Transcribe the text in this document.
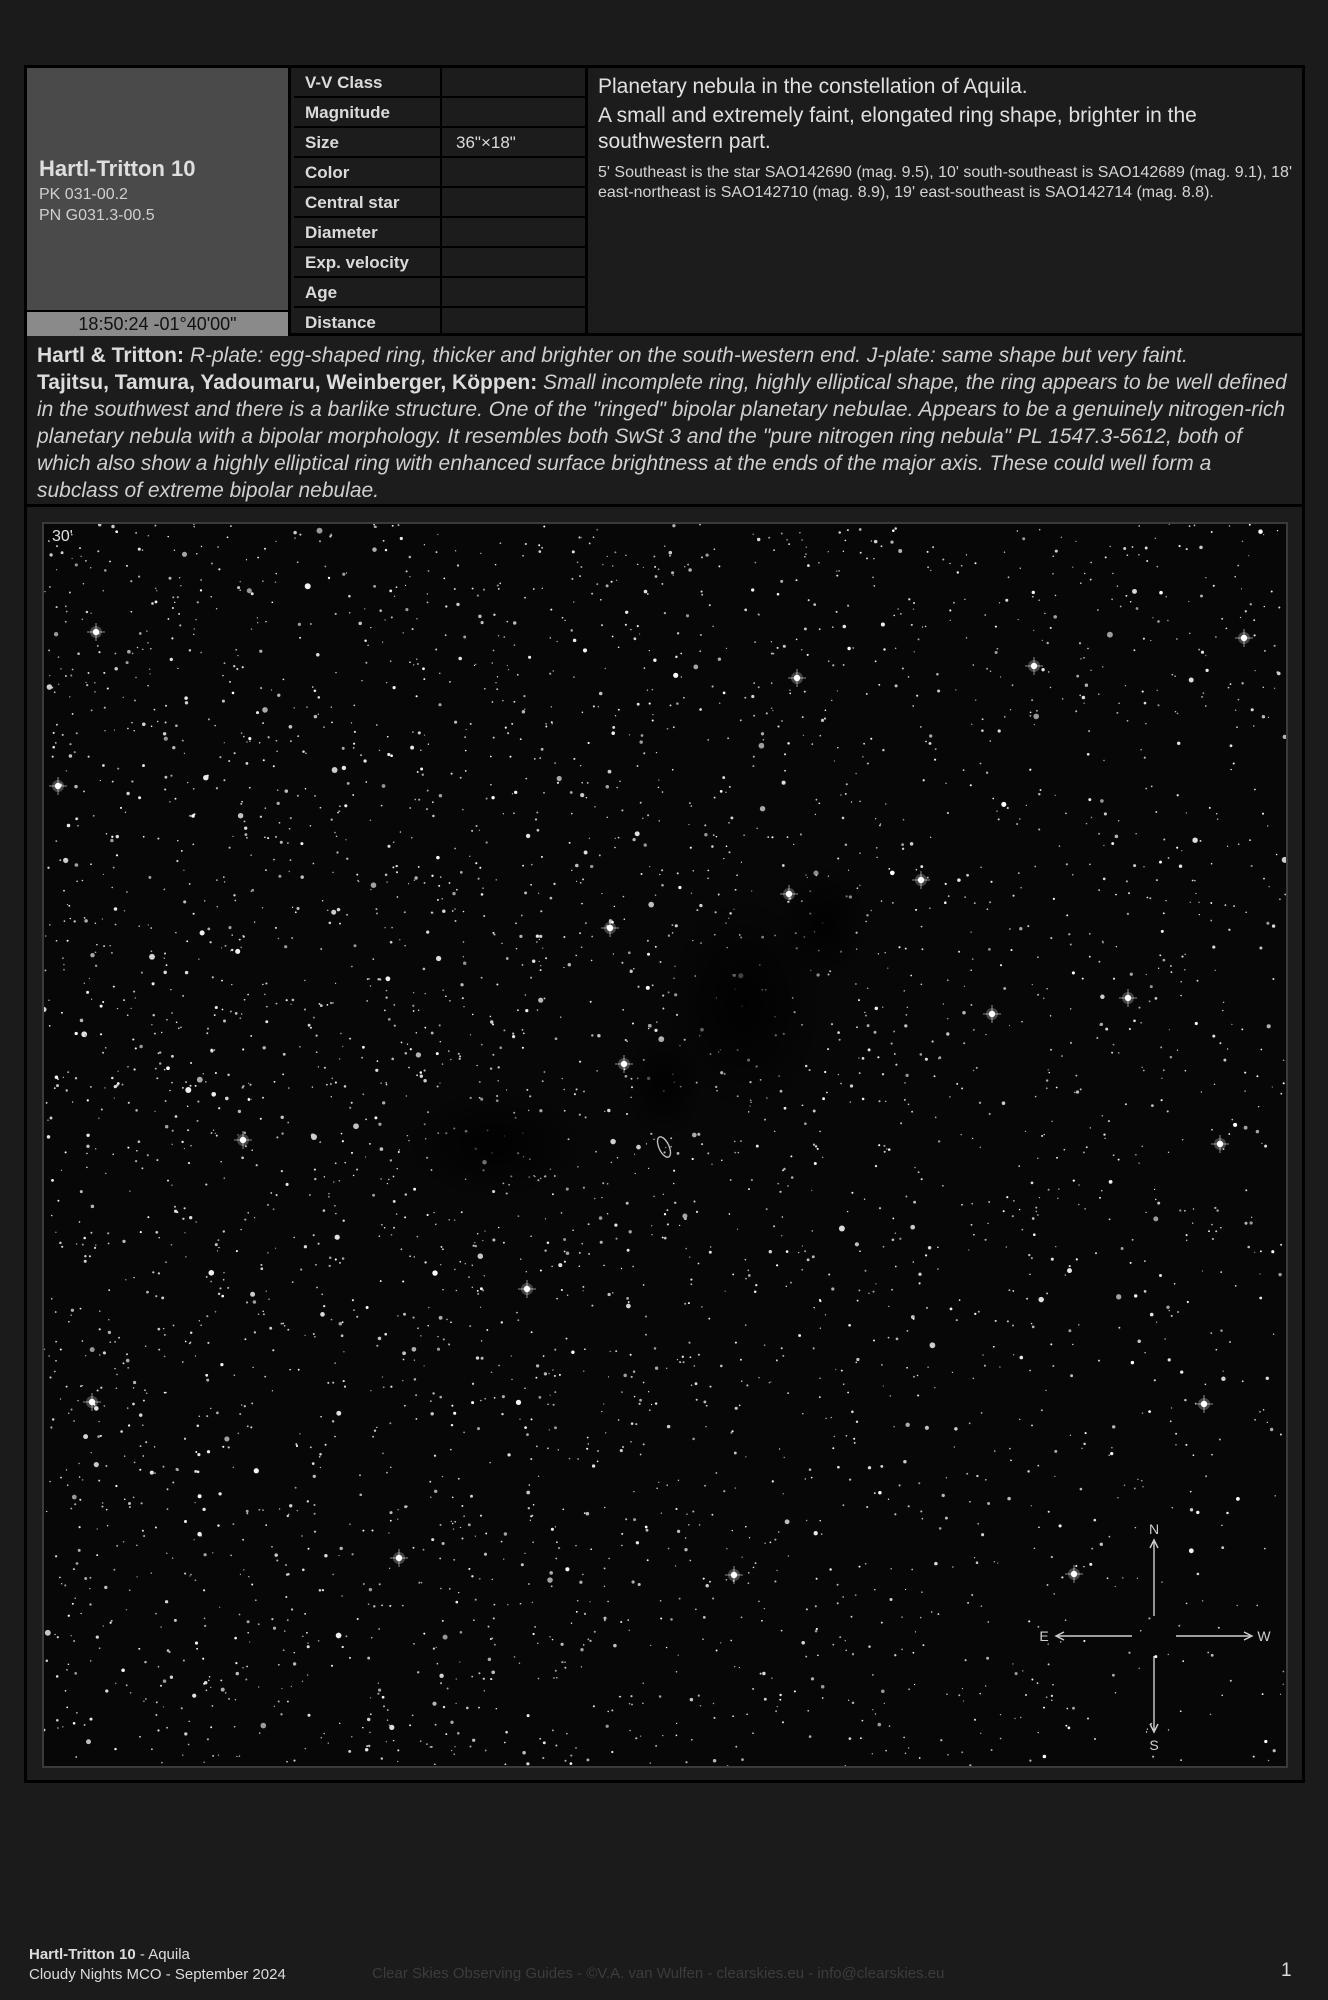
Hartl-Tritton 10
PK 031-00.2
PN G031.3-00.5
18:50:24 -01°40'00"
V-V Class
Magnitude
Size	36"×18"
Color
Central star
Diameter
Exp. velocity
Age
Distance
Planetary nebula in the constellation of Aquila.
A small and extremely faint, elongated ring shape, brighter in the southwestern part.
5' Southeast is the star SAO142690 (mag. 9.5), 10' south-southeast is SAO142689 (mag. 9.1), 18' east-northeast is SAO142710 (mag. 8.9), 19' east-southeast is SAO142714 (mag. 8.8).
Hartl & Tritton: R-plate: egg-shaped ring, thicker and brighter on the south-western end. J-plate: same shape but very faint.
Tajitsu, Tamura, Yadoumaru, Weinberger, Köppen: Small incomplete ring, highly elliptical shape, the ring appears to be well defined in the southwest and there is a barlike structure. One of the "ringed" bipolar planetary nebulae. Appears to be a genuinely nitrogen-rich planetary nebula with a bipolar morphology. It resembles both SwSt 3 and the "pure nitrogen ring nebula" PL 1547.3-5612, both of which also show a highly elliptical ring with enhanced surface brightness at the ends of the major axis. These could well form a subclass of extreme bipolar nebulae.
N
S
E	W
30'
Hartl-Tritton 10 - Aquila
Cloudy Nights MCO - September 2024	Clear Skies Observing Guides - ©V.A. van Wulfen - clearskies.eu - info@clearskies.eu	1
